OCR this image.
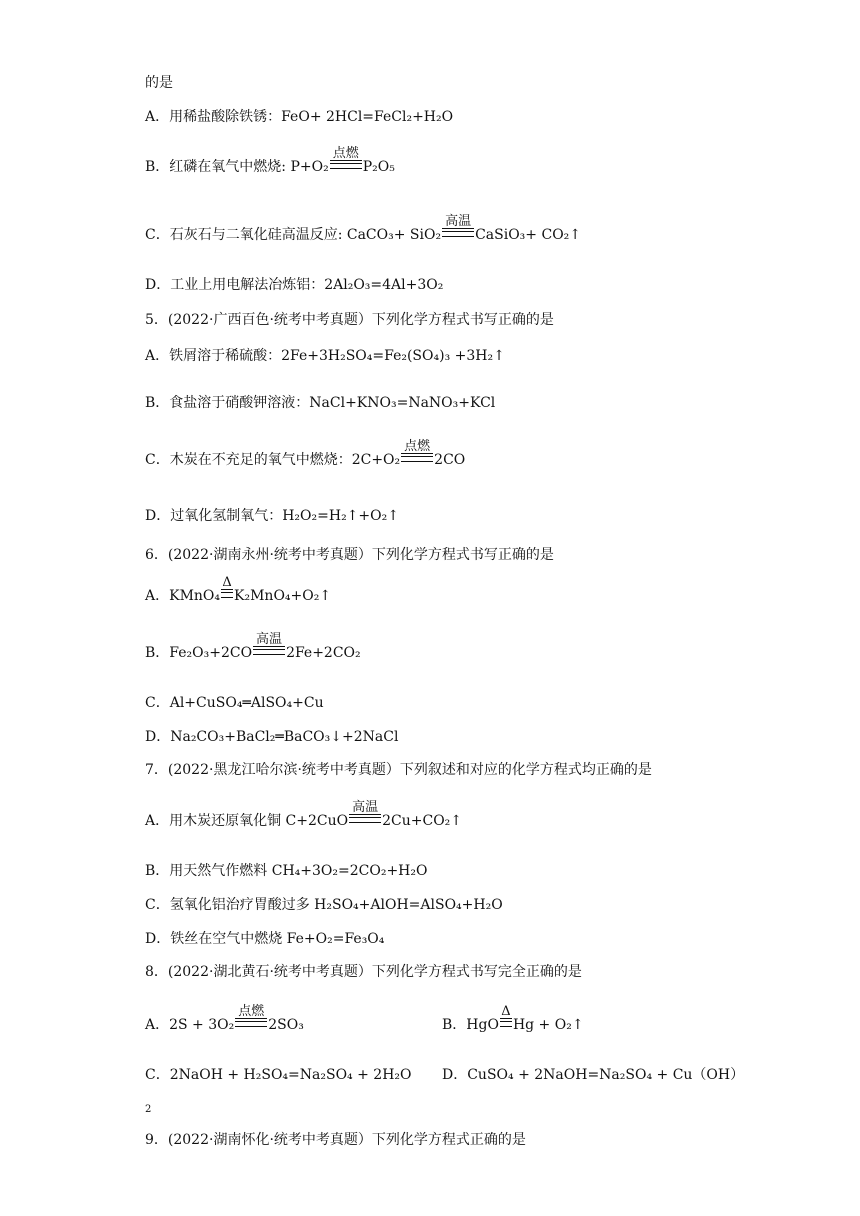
的是
A．用稀盐酸除铁锈：FeO+ 2HCl=FeCl₂+H₂O
B．红磷在氧气中燃烧: P+O₂
点燃
P₂O₅
C．石灰石与二氧化硅高温反应: CaCO₃+ SiO₂
高温
CaSiO₃+ CO₂↑
D．工业上用电解法冶炼铝：2Al₂O₃=4Al+3O₂
5．(2022·广西百色·统考中考真题）下列化学方程式书写正确的是
A．铁屑溶于稀硫酸：2Fe+3H₂SO₄=Fe₂(SO₄)₃ +3H₂↑
B．食盐溶于硝酸钾溶液：NaCl+KNO₃=NaNO₃+KCl
C．木炭在不充足的氧气中燃烧：2C+O₂
点燃
2CO
D．过氧化氢制氧气：H₂O₂=H₂↑+O₂↑
6．(2022·湖南永州·统考中考真题）下列化学方程式书写正确的是
A．KMnO₄
Δ
K₂MnO₄+O₂↑
B．Fe₂O₃+2CO
高温
2Fe+2CO₂
C．Al+CuSO₄═AlSO₄+Cu
D．Na₂CO₃+BaCl₂═BaCO₃↓+2NaCl
7．(2022·黑龙江哈尔滨·统考中考真题）下列叙述和对应的化学方程式均正确的是
A．用木炭还原氧化铜 C+2CuO
高温
2Cu+CO₂↑
B．用天然气作燃料 CH₄+3O₂=2CO₂+H₂O
C．氢氧化铝治疗胃酸过多 H₂SO₄+AlOH=AlSO₄+H₂O
D．铁丝在空气中燃烧 Fe+O₂=Fe₃O₄
8．(2022·湖北黄石·统考中考真题）下列化学方程式书写完全正确的是
A．2S + 3O₂
点燃
2SO₃	B．HgO
Δ
Hg + O₂↑
C．2NaOH + H₂SO₄=Na₂SO₄ + 2H₂O D．CuSO₄ + 2NaOH=Na₂SO₄ + Cu（OH）
2
9．(2022·湖南怀化·统考中考真题）下列化学方程式正确的是
